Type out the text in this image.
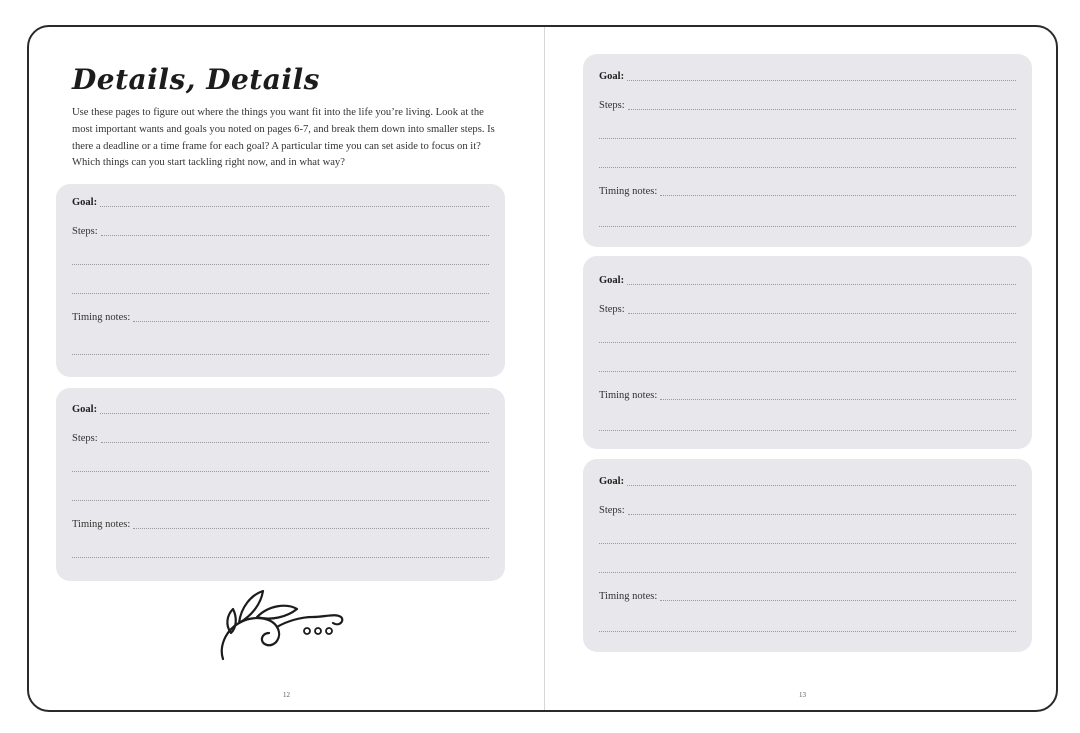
Details, Details

Use these pages to figure out where the things you want fit into the life you’re living. Look at the most important wants and goals you noted on pages 6-7, and break them down into smaller steps. Is there a deadline or a time frame for each goal? A particular time you can set aside to focus on it? Which things can you start tackling right now, and in what way?

Goal:
Steps:
Timing notes:
Goal:
Steps:
Timing notes:
12
Goal:
Steps:
Timing notes:
Goal:
Steps:
Timing notes:
Goal:
Steps:
Timing notes:
13
